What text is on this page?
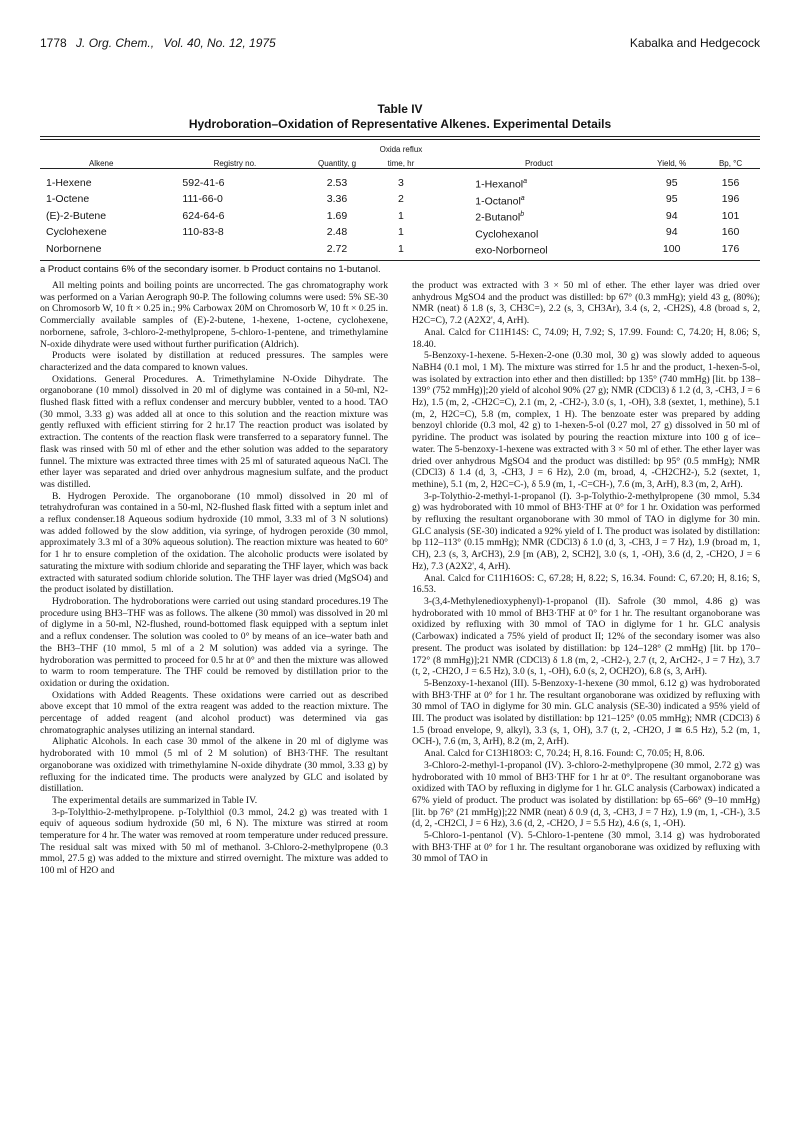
1778 J. Org. Chem., Vol. 40, No. 12, 1975	Kabalka and Hedgecock
Table IV
Hydroboration–Oxidation of Representative Alkenes. Experimental Details
			Oxida reflux			
Alkene	Registry no.	Quantity, g	time, hr	Product	Yield, %	Bp, °C

1-Hexene	592-41-6	2.53	3	1-Hexanol$^a$	95	156
1-Octene	111-66-0	3.36	2	1-Octanol$^a$	95	196
(E)-2-Butene	624-64-6	1.69	1	2-Butanol$^b$	94	101
Cyclohexene	110-83-8	2.48	1	Cyclohexanol	94	160
Norbornene		2.72	1	exo-Norborneol	100	176
a Product contains 6% of the secondary isomer. b Product contains no 1-butanol.

All melting points and boiling points are uncorrected. The gas chromatography work was performed on a Varian Aerograph 90-P. The following columns were used: 5% SE-30 on Chromosorb W, 10 ft × 0.25 in.; 9% Carbowax 20M on Chromosorb W, 10 ft × 0.25 in. Commercially available samples of (E)-2-butene, 1-hexene, 1-octene, cyclohexene, norbornene, safrole, 3-chloro-2-methylpropene, 5-chloro-1-pentene, and trimethylamine N-oxide dihydrate were used without further purification (Aldrich).

Products were isolated by distillation at reduced pressures. The samples were characterized and the data compared to known values.

Oxidations. General Procedures. A. Trimethylamine N-Oxide Dihydrate. The organoborane (10 mmol) dissolved in 20 ml of diglyme was contained in a 50-ml, N2-flushed flask fitted with a reflux condenser and mercury bubbler, vented to a hood. TAO (30 mmol, 3.33 g) was added all at once to this solution and the reaction mixture was gently refluxed with efficient stirring for 2 hr.17 The reaction product was isolated by extraction. The contents of the reaction flask were transferred to a separatory funnel. The flask was rinsed with 50 ml of ether and the ether solution was added to the separatory funnel. The mixture was extracted three times with 25 ml of saturated aqueous NaCl. The ether layer was separated and dried over anhydrous magnesium sulfate, and the product was distilled.

B. Hydrogen Peroxide. The organoborane (10 mmol) dissolved in 20 ml of tetrahydrofuran was contained in a 50-ml, N2-flushed flask fitted with a septum inlet and a reflux condenser.18 Aqueous sodium hydroxide (10 mmol, 3.33 ml of 3 N solutions) was added followed by the slow addition, via syringe, of hydrogen peroxide (30 mmol, approximately 3.3 ml of a 30% aqueous solution). The reaction mixture was heated to 60° for 1 hr to ensure completion of the oxidation. The alcoholic products were isolated by saturating the mixture with sodium chloride and separating the THF layer, which was back extracted with saturated sodium chloride solution. The THF layer was dried (MgSO4) and the product isolated by distillation.

Hydroboration. The hydroborations were carried out using standard procedures.19 The procedure using BH3–THF was as follows. The alkene (30 mmol) was dissolved in 20 ml of diglyme in a 50-ml, N2-flushed, round-bottomed flask equipped with a septum inlet and a reflux condenser. The solution was cooled to 0° by means of an ice–water bath and the BH3–THF (10 mmol, 5 ml of a 2 M solution) was added via a syringe. The hydroboration was permitted to proceed for 0.5 hr at 0° and then the mixture was allowed to warm to room temperature. The THF could be removed by distillation prior to the oxidation or during the oxidation.

Oxidations with Added Reagents. These oxidations were carried out as described above except that 10 mmol of the extra reagent was added to the reaction mixture. The percentage of added reagent (and alcohol product) was determined via gas chromatographic analyses utilizing an internal standard.

Aliphatic Alcohols. In each case 30 mmol of the alkene in 20 ml of diglyme was hydroborated with 10 mmol (5 ml of 2 M solution) of BH3·THF. The resultant organoborane was oxidized with trimethylamine N-oxide dihydrate (30 mmol, 3.33 g) by refluxing for the indicated time. The products were analyzed by GLC and isolated by distillation.

The experimental details are summarized in Table IV.

3-p-Tolylthio-2-methylpropene. p-Tolylthiol (0.3 mmol, 24.2 g) was treated with 1 equiv of aqueous sodium hydroxide (50 ml, 6 N). The mixture was stirred at room temperature for 4 hr. The water was removed at room temperature under reduced pressure. The residual salt was mixed with 50 ml of methanol. 3-Chloro-2-methylpropene (0.3 mmol, 27.5 g) was added to the mixture and stirred overnight. The mixture was added to 100 ml of H2O and

the product was extracted with 3 × 50 ml of ether. The ether layer was dried over anhydrous MgSO4 and the product was distilled: bp 67° (0.3 mmHg); yield 43 g, (80%); NMR (neat) δ 1.8 (s, 3, CH3C=), 2.2 (s, 3, CH3Ar), 3.4 (s, 2, -CH2S), 4.8 (broad s, 2, H2C=C), 7.2 (A2X2', 4, ArH).

Anal. Calcd for C11H14S: C, 74.09; H, 7.92; S, 17.99. Found: C, 74.20; H, 8.06; S, 18.40.

5-Benzoxy-1-hexene. 5-Hexen-2-one (0.30 mol, 30 g) was slowly added to aqueous NaBH4 (0.1 mol, 1 M). The mixture was stirred for 1.5 hr and the product, 1-hexen-5-ol, was isolated by extraction into ether and then distilled: bp 135° (740 mmHg) [lit. bp 138–139° (752 mmHg)];20 yield of alcohol 90% (27 g); NMR (CDCl3) δ 1.2 (d, 3, -CH3, J = 6 Hz), 1.5 (m, 2, -CH2C=C), 2.1 (m, 2, -CH2-), 3.0 (s, 1, -OH), 3.8 (sextet, 1, methine), 5.1 (m, 2, H2C=C), 5.8 (m, complex, 1 H). The benzoate ester was prepared by adding benzoyl chloride (0.3 mol, 42 g) to 1-hexen-5-ol (0.27 mol, 27 g) dissolved in 50 ml of pyridine. The product was isolated by pouring the reaction mixture into 100 g of ice–water. The 5-benzoxy-1-hexene was extracted with 3 × 50 ml of ether. The ether layer was dried over anhydrous MgSO4 and the product was distilled: bp 95° (0.5 mmHg); NMR (CDCl3) δ 1.4 (d, 3, -CH3, J = 6 Hz), 2.0 (m, broad, 4, -CH2CH2-), 5.2 (sextet, 1, methine), 5.1 (m, 2, H2C=C-), δ 5.9 (m, 1, -C=CH-), 7.6 (m, 3, ArH), 8.3 (m, 2, ArH).

3-p-Tolythio-2-methyl-1-propanol (I). 3-p-Tolythio-2-methylpropene (30 mmol, 5.34 g) was hydroborated with 10 mmol of BH3·THF at 0° for 1 hr. Oxidation was performed by refluxing the resultant organoborane with 30 mmol of TAO in diglyme for 30 min. GLC analysis (SE-30) indicated a 92% yield of I. The product was isolated by distillation: bp 112–113° (0.15 mmHg); NMR (CDCl3) δ 1.0 (d, 3, -CH3, J = 7 Hz), 1.9 (broad m, 1, CH), 2.3 (s, 3, ArCH3), 2.9 [m (AB), 2, SCH2], 3.0 (s, 1, -OH), 3.6 (d, 2, -CH2O, J = 6 Hz), 7.3 (A2X2', 4, ArH).

Anal. Calcd for C11H16OS: C, 67.28; H, 8.22; S, 16.34. Found: C, 67.20; H, 8.16; S, 16.53.

3-(3,4-Methylenedioxyphenyl)-1-propanol (II). Safrole (30 mmol, 4.86 g) was hydroborated with 10 mmol of BH3·THF at 0° for 1 hr. The resultant organoborane was oxidized by refluxing with 30 mmol of TAO in diglyme for 1 hr. GLC analysis (Carbowax) indicated a 75% yield of product II; 12% of the secondary isomer was also present. The product was isolated by distillation: bp 124–128° (2 mmHg) [lit. bp 170–172° (8 mmHg)];21 NMR (CDCl3) δ 1.8 (m, 2, -CH2-), 2.7 (t, 2, ArCH2-, J = 7 Hz), 3.7 (t, 2, -CH2O, J = 6.5 Hz), 3.0 (s, 1, -OH), 6.0 (s, 2, OCH2O), 6.8 (s, 3, ArH).

5-Benzoxy-1-hexanol (III). 5-Benzoxy-1-hexene (30 mmol, 6.12 g) was hydroborated with BH3·THF at 0° for 1 hr. The resultant organoborane was oxidized by refluxing with 30 mmol of TAO in diglyme for 30 min. GLC analysis (SE-30) indicated a 95% yield of III. The product was isolated by distillation: bp 121–125° (0.05 mmHg); NMR (CDCl3) δ 1.5 (broad envelope, 9, alkyl), 3.3 (s, 1, OH), 3.7 (t, 2, -CH2O, J ≅ 6.5 Hz), 5.2 (m, 1, OCH-), 7.6 (m, 3, ArH), 8.2 (m, 2, ArH).

Anal. Calcd for C13H18O3: C, 70.24; H, 8.16. Found: C, 70.05; H, 8.06.

3-Chloro-2-methyl-1-propanol (IV). 3-chloro-2-methylpropene (30 mmol, 2.72 g) was hydroborated with 10 mmol of BH3·THF for 1 hr at 0°. The resultant organoborane was oxidized with TAO by refluxing in diglyme for 1 hr. GLC analysis (Carbowax) indicated a 67% yield of product. The product was isolated by distillation: bp 65–66° (9–10 mmHg) [lit. bp 76° (21 mmHg)];22 NMR (neat) δ 0.9 (d, 3, -CH3, J = 7 Hz), 1.9 (m, 1, -CH-), 3.5 (d, 2, -CH2Cl, J = 6 Hz), 3.6 (d, 2, -CH2O, J = 5.5 Hz), 4.6 (s, 1, -OH).

5-Chloro-1-pentanol (V). 5-Chloro-1-pentene (30 mmol, 3.14 g) was hydroborated with BH3·THF at 0° for 1 hr. The resultant organoborane was oxidized by refluxing with 30 mmol of TAO in
